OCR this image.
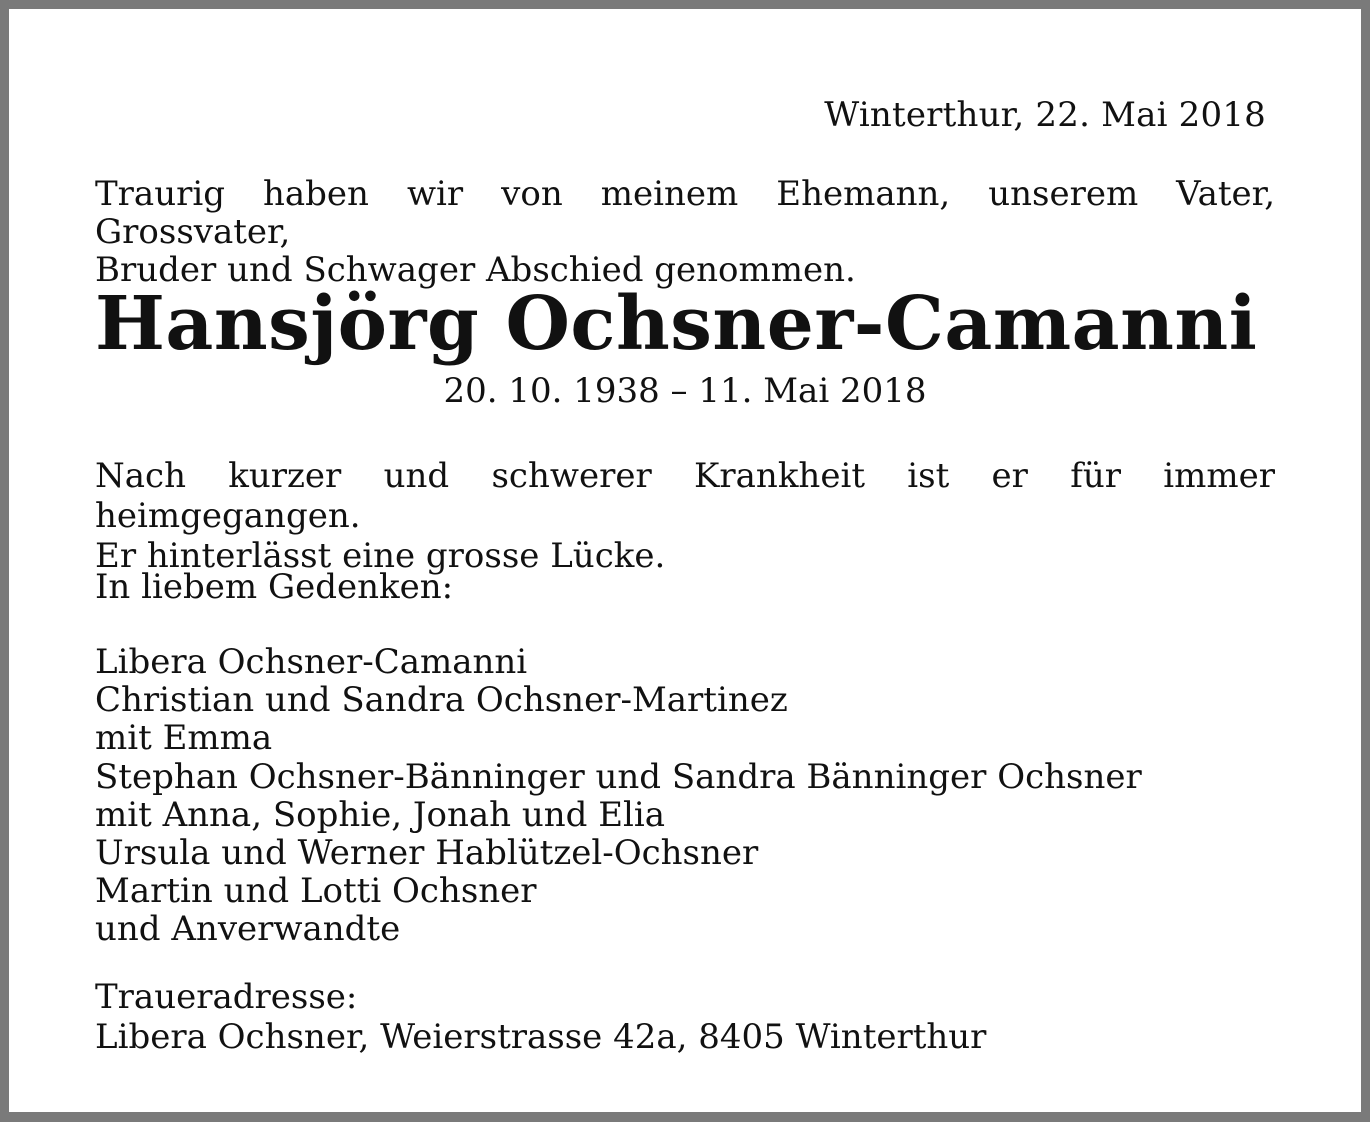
Winterthur, 22. Mai 2018
Traurig haben wir von meinem Ehemann, unserem Vater, Grossvater,
Bruder und Schwager Abschied genommen.
Hansjörg Ochsner-Camanni
20. 10. 1938 – 11. Mai 2018
Nach kurzer und schwerer Krankheit ist er für immer heimgegangen.
Er hinterlässt eine grosse Lücke.
In liebem Gedenken:
Libera Ochsner-Camanni
Christian und Sandra Ochsner-Martinez
mit Emma
Stephan Ochsner-Bänninger und Sandra Bänninger Ochsner
mit Anna, Sophie, Jonah und Elia
Ursula und Werner Hablützel-Ochsner
Martin und Lotti Ochsner
und Anverwandte
Traueradresse:
Libera Ochsner, Weierstrasse 42a, 8405 Winterthur
